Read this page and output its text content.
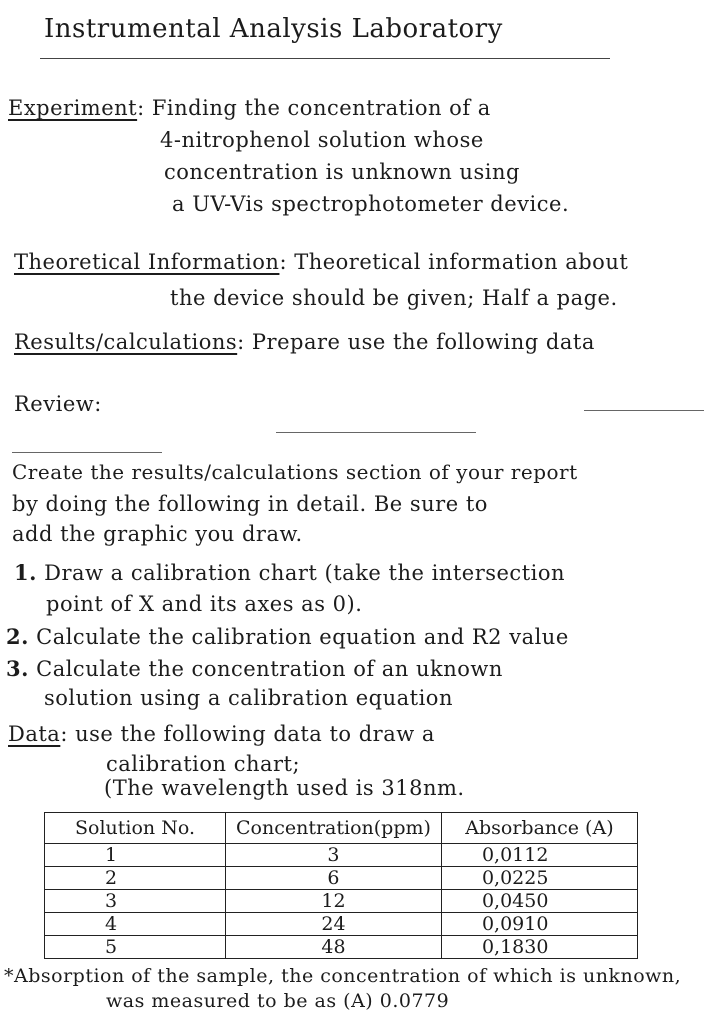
Instrumental Analysis Laboratory
Experiment: Finding the concentration of a
4-nitrophenol solution whose
concentration is unknown using
a UV-Vis spectrophotometer device.
Theoretical Information: Theoretical information about
the device should be given; Half a page.
Results/calculations: Prepare use the following data
Review:
Create the results/calculations section of your report
by doing the following in detail. Be sure to
add the graphic you draw.
1. Draw a calibration chart (take the intersection
point of X and its axes as 0).
2. Calculate the calibration equation and R2 value
3. Calculate the concentration of an uknown
solution using a calibration equation
Data: use the following data to draw a
calibration chart;
(The wavelength used is 318nm.
Solution No.	Concentration(ppm)	Absorbance (A)
1	3	0,0112
2	6	0,0225
3	12	0,0450
4	24	0,0910
5	48	0,1830
*Absorption of the sample, the concentration of which is unknown,
was measured to be as (A) 0.0779
